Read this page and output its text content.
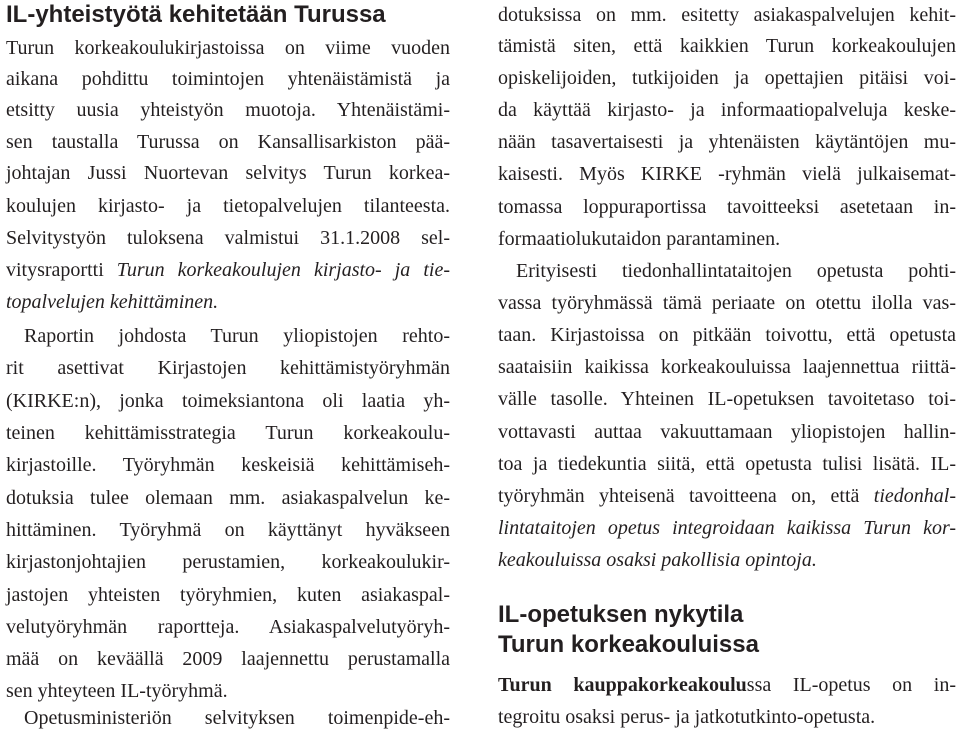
IL-yhteistyötä kehitetään Turussa
Turun korkeakoulukirjastoissa on viime vuoden
aikana pohdittu toimintojen yhtenäistämistä ja
etsitty uusia yhteistyön muotoja. Yhtenäistämi-
sen taustalla Turussa on Kansallisarkiston pää-
johtajan Jussi Nuortevan selvitys Turun korkea-
koulujen kirjasto- ja tietopalvelujen tilanteesta.
Selvitystyön tuloksena valmistui 31.1.2008 sel-
vitysraportti Turun korkeakoulujen kirjasto- ja tie-
topalvelujen kehittäminen.
Raportin johdosta Turun yliopistojen rehto-
rit asettivat Kirjastojen kehittämistyöryhmän
(KIRKE:n), jonka toimeksiantona oli laatia yh-
teinen kehittämisstrategia Turun korkeakoulu-
kirjastoille. Työryhmän keskeisiä kehittämiseh-
dotuksia tulee olemaan mm. asiakaspalvelun ke-
hittäminen. Työryhmä on käyttänyt hyväkseen
kirjastonjohtajien perustamien, korkeakoulukir-
jastojen yhteisten työryhmien, kuten asiakaspal-
velutyöryhmän raportteja. Asiakaspalvelutyöryh-
mää on keväällä 2009 laajennettu perustamalla
sen yhteyteen IL-työryhmä.
Opetusministeriön selvityksen toimenpide-eh-
dotuksissa on mm. esitetty asiakaspalvelujen kehit-
tämistä siten, että kaikkien Turun korkeakoulujen
opiskelijoiden, tutkijoiden ja opettajien pitäisi voi-
da käyttää kirjasto- ja informaatiopalveluja keske-
nään tasavertaisesti ja yhtenäisten käytäntöjen mu-
kaisesti. Myös KIRKE -ryhmän vielä julkaisemat-
tomassa loppuraportissa tavoitteeksi asetetaan in-
formaatiolukutaidon parantaminen.
Erityisesti tiedonhallintataitojen opetusta pohti-
vassa työryhmässä tämä periaate on otettu ilolla vas-
taan. Kirjastoissa on pitkään toivottu, että opetusta
saataisiin kaikissa korkeakouluissa laajennettua riittä-
välle tasolle. Yhteinen IL-opetuksen tavoitetaso toi-
vottavasti auttaa vakuuttamaan yliopistojen hallin-
toa ja tiedekuntia siitä, että opetusta tulisi lisätä. IL-
työryhmän yhteisenä tavoitteena on, että tiedonhal-
lintataitojen opetus integroidaan kaikissa Turun kor-
keakouluissa osaksi pakollisia opintoja.
IL-opetuksen nykytila
Turun korkeakouluissa
Turun kauppakorkeakoulussa IL-opetus on in-
tegroitu osaksi perus- ja jatkotutkinto-opetusta.
